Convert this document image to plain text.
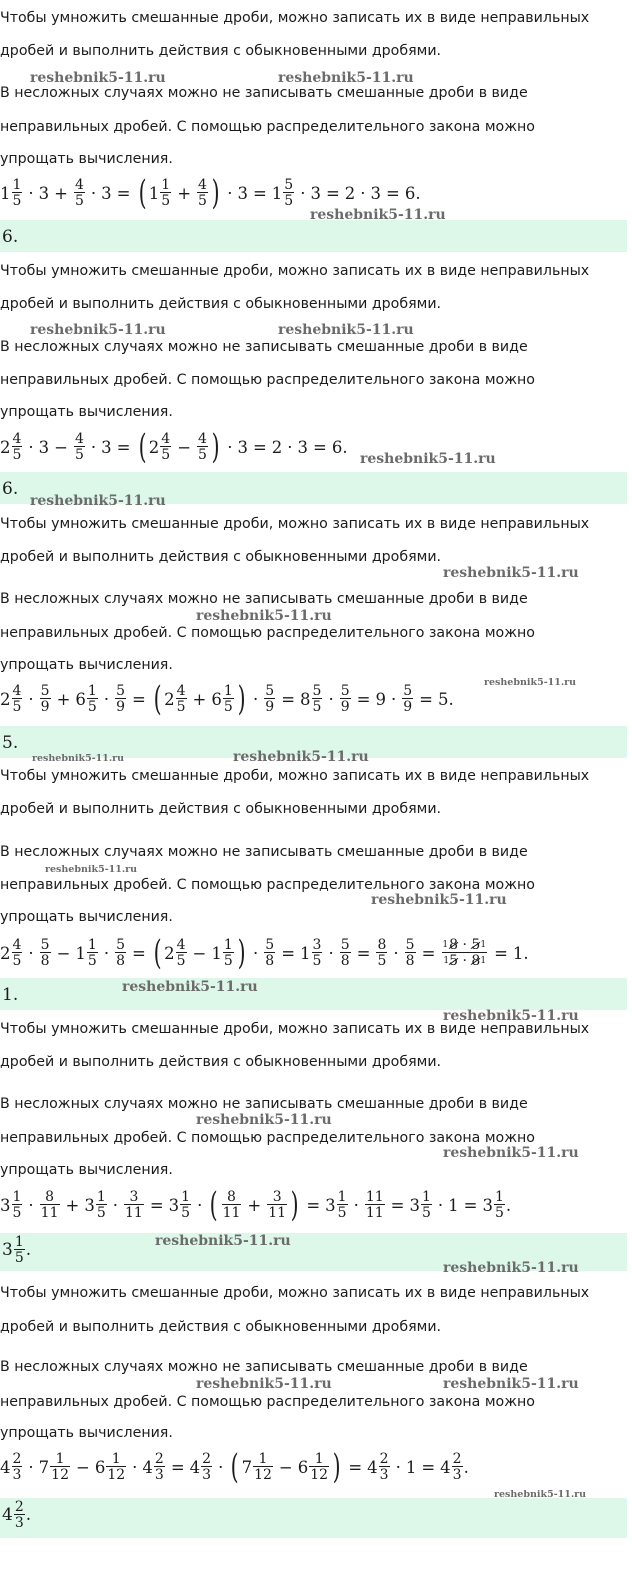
Чтобы умножить смешанные дроби, можно записать их в виде неправильных
дробей и выполнить действия с обыкновенными дробями.
В несложных случаях можно не записывать смешанные дроби в виде
неправильных дробей. С помощью распределительного закона можно
упрощать вычисления.
$1 \frac{1}{5} \cdot 3 + \frac{4}{5} \cdot 3$ = ( $1 \frac{1}{5} + \frac{4}{5}$ ) · $3 = 1 \frac{5}{5} \cdot 3 = 2 \cdot 3 = 6$.
6.
Чтобы умножить смешанные дроби, можно записать их в виде неправильных
дробей и выполнить действия с обыкновенными дробями.
В несложных случаях можно не записывать смешанные дроби в виде
неправильных дробей. С помощью распределительного закона можно
упрощать вычисления.
$2 \frac{4}{5} \cdot 3 - \frac{4}{5} \cdot 3$ = ( $2 \frac{4}{5} - \frac{4}{5}$ ) · 3 = 2 · 3 = 6.
6.
Чтобы умножить смешанные дроби, можно записать их в виде неправильных
дробей и выполнить действия с обыкновенными дробями.
В несложных случаях можно не записывать смешанные дроби в виде
неправильных дробей. С помощью распределительного закона можно
упрощать вычисления.
$2 \frac{4}{5} \cdot \frac{5}{9} + 6 \frac{1}{5} \cdot \frac{5}{9}$ = ( $2 \frac{4}{5} + 6 \frac{1}{5}$ ) · $\frac{5}{9} = 8 \frac{5}{5} \cdot \frac{5}{9} = 9 \cdot \frac{5}{9} = 5$.
5.
Чтобы умножить смешанные дроби, можно записать их в виде неправильных
дробей и выполнить действия с обыкновенными дробями.
В несложных случаях можно не записывать смешанные дроби в виде
неправильных дробей. С помощью распределительного закона можно
упрощать вычисления.
$2 \frac{4}{5} \cdot \frac{5}{8} - 1 \frac{1}{5} \cdot \frac{5}{8}$ = ( $2 \frac{4}{5} - 1 \frac{1}{5}$ ) · $\frac{5}{8} = 1 \frac{3}{5} \cdot \frac{5}{8} = \frac{8}{5} \cdot \frac{5}{8} = \frac{^18 \cdot 5^1}{15 \cdot 81} = 1$.
1.
Чтобы умножить смешанные дроби, можно записать их в виде неправильных
дробей и выполнить действия с обыкновенными дробями.
В несложных случаях можно не записывать смешанные дроби в виде
неправильных дробей. С помощью распределительного закона можно
упрощать вычисления.
$3 \frac{1}{5} \cdot \frac{8}{11} + 3 \frac{1}{5} \cdot \frac{3}{11} = 3 \frac{1}{5}$ · ( $\frac{8}{11} + \frac{3}{11}$ ) = $3 \frac{1}{5} \cdot \frac{11}{11} = 3 \frac{1}{5} \cdot 1 = 3 \frac{1}{5}$ .
$3 \frac{1}{5}$ .
Чтобы умножить смешанные дроби, можно записать их в виде неправильных
дробей и выполнить действия с обыкновенными дробями.
В несложных случаях можно не записывать смешанные дроби в виде
неправильных дробей. С помощью распределительного закона можно
упрощать вычисления.
$4 \frac{2}{3} \cdot 7 \frac{1}{12} - 6 \frac{1}{12} \cdot 4 \frac{2}{3} = 4 \frac{2}{3}$ · ( $7 \frac{1}{12} - 6 \frac{1}{12}$ ) = $4 \frac{2}{3} \cdot 1 = 4 \frac{2}{3}$ .
$4 \frac{2}{3}$ .
reshebnik5-11.ru	reshebnik5-11.ru
reshebnik5-11.ru
reshebnik5-11.ru	reshebnik5-11.ru
reshebnik5-11.ru
reshebnik5-11.ru
reshebnik5-11.ru
reshebnik5-11.ru
reshebnik5-11.ru
reshebnik5-11.ru	reshebnik5-11.ru
reshebnik5-11.ru
reshebnik5-11.ru
reshebnik5-11.ru
reshebnik5-11.ru
reshebnik5-11.ru
reshebnik5-11.ru
reshebnik5-11.ru
reshebnik5-11.ru
reshebnik5-11.ru	reshebnik5-11.ru
reshebnik5-11.ru
